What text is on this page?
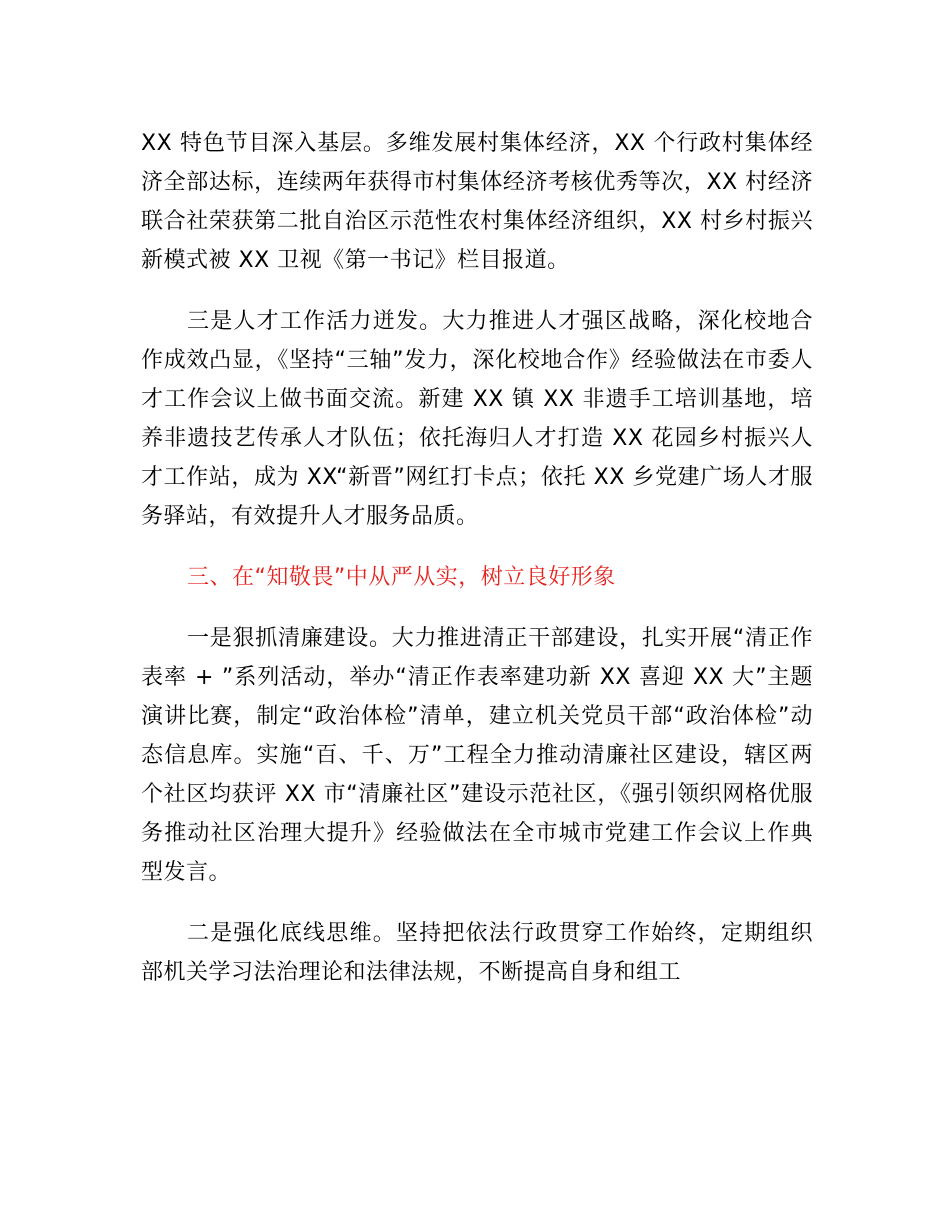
XX 特色节目深入基层。多维发展村集体经济，XX 个行政村集体经济全部达标，连续两年获得市村集体经济考核优秀等次，XX 村经济联合社荣获第二批自治区示范性农村集体经济组织，XX 村乡村振兴新模式被 XX 卫视《第一书记》栏目报道。

三是人才工作活力迸发。大力推进人才强区战略，深化校地合作成效凸显，《坚持“三轴”发力，深化校地合作》经验做法在市委人才工作会议上做书面交流。新建 XX 镇 XX 非遗手工培训基地，培养非遗技艺传承人才队伍；依托海归人才打造 XX 花园乡村振兴人才工作站，成为 XX“新晋”网红打卡点；依托 XX 乡党建广场人才服务驿站，有效提升人才服务品质。

三、在“知敬畏”中从严从实，树立良好形象

一是狠抓清廉建设。大力推进清正干部建设，扎实开展“清正作表率 + ”系列活动，举办“清正作表率建功新 XX 喜迎 XX 大”主题演讲比赛，制定“政治体检”清单，建立机关党员干部“政治体检”动态信息库。实施“百、千、万”工程全力推动清廉社区建设，辖区两个社区均获评 XX 市“清廉社区”建设示范社区，《强引领织网格优服务推动社区治理大提升》经验做法在全市城市党建工作会议上作典型发言。

二是强化底线思维。坚持把依法行政贯穿工作始终，定期组织部机关学习法治理论和法律法规，不断提高自身和组工
